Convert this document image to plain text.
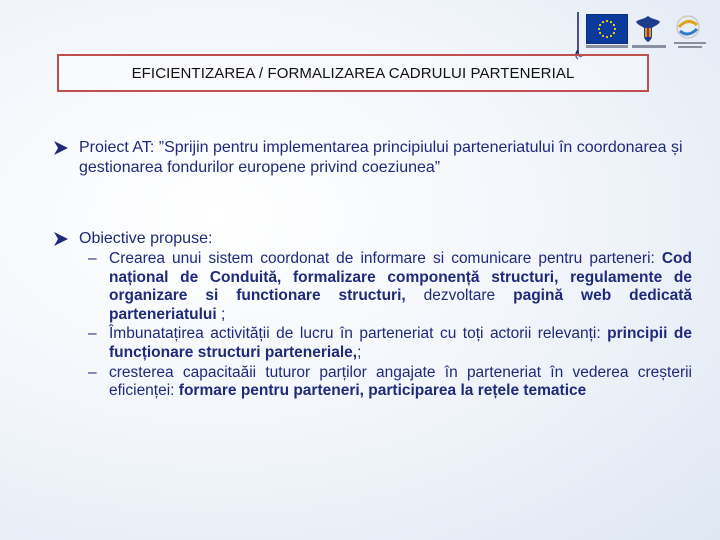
EFICIENTIZAREA / FORMALIZAREA CADRULUI PARTENERIAL
Proiect AT: ”Sprijin pentru implementarea principiului parteneriatului în coordonarea și gestionarea fondurilor europene privind coeziunea”
Obiective propuse:
– Crearea unui sistem coordonat de informare si comunicare pentru parteneri: Cod național de Conduită, formalizare componență structuri, regulamente de organizare si functionare structuri, dezvoltare pagină web dedicată parteneriatului ;
– Îmbunatațirea activității de lucru în parteneriat cu toți actorii relevanți: principii de funcționare structuri parteneriale,;
– cresterea capacitaăii tuturor parților angajate în parteneriat în vederea creșterii eficienței: formare pentru parteneri, participarea la rețele tematice
